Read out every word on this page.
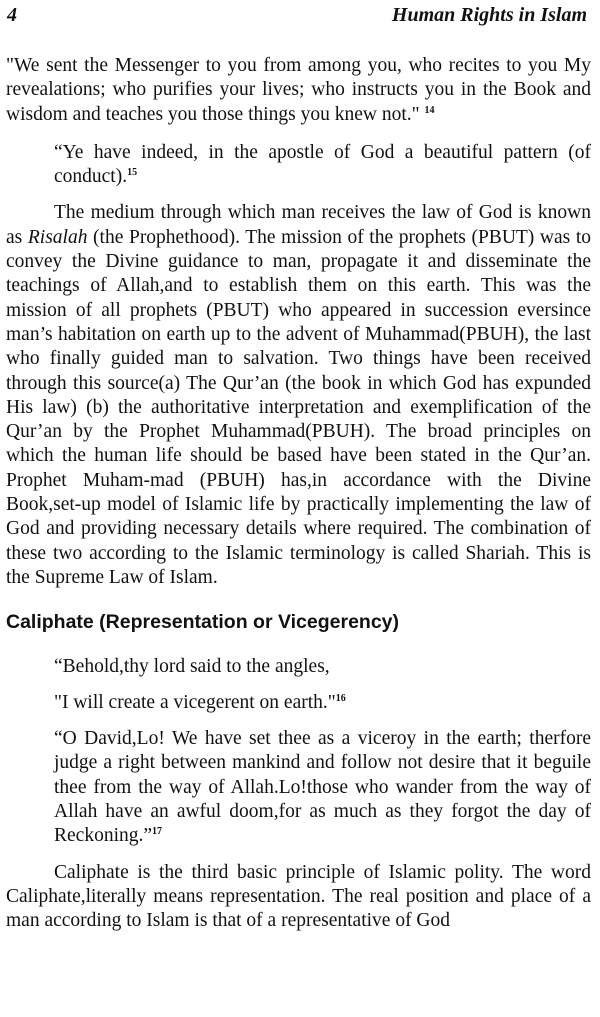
4	Human Rights in Islam

"We sent the Messenger to you from among you, who recites to you My revealations; who purifies your lives; who instructs you in the Book and wisdom and teaches you those things you knew not." $^{14}$

“Ye have indeed, in the apostle of God a beautiful pattern (of conduct).$^{15}$

The medium through which man receives the law of God is known as Risalah (the Prophethood). The mission of the prophets (PBUT) was to convey the Divine guidance to man, propagate it and disseminate the teachings of Allah,and to establish them on this earth. This was the mission of all prophets (PBUT) who appeared in succession eversince man’s habitation on earth up to the advent of Muhammad(PBUH), the last who finally guided man to salvation. Two things have been received through this source(a) The Qur’an (the book in which God has expunded His law) (b) the authoritative interpretation and exemplification of the Qur’an by the Prophet Muhammad(PBUH). The broad principles on which the human life should be based have been stated in the Qur’an. Prophet Muham-mad (PBUH) has,in accordance with the Divine Book,set-up model of Islamic life by practically implementing the law of God and providing necessary details where required. The combination of these two according to the Islamic terminology is called Shariah. This is the Supreme Law of Islam.

Caliphate (Representation or Vicegerency)

“Behold,thy lord said to the angles,

"I will create a vicegerent on earth."$^{16}$

“O David,Lo! We have set thee as a viceroy in the earth; therfore judge a right between mankind and follow not desire that it beguile thee from the way of Allah.Lo!those who wander from the way of Allah have an awful doom,for as much as they forgot the day of Reckoning.”$^{17}$

Caliphate is the third basic principle of Islamic polity. The word Caliphate,literally means representation. The real position and place of a man according to Islam is that of a representative of God
